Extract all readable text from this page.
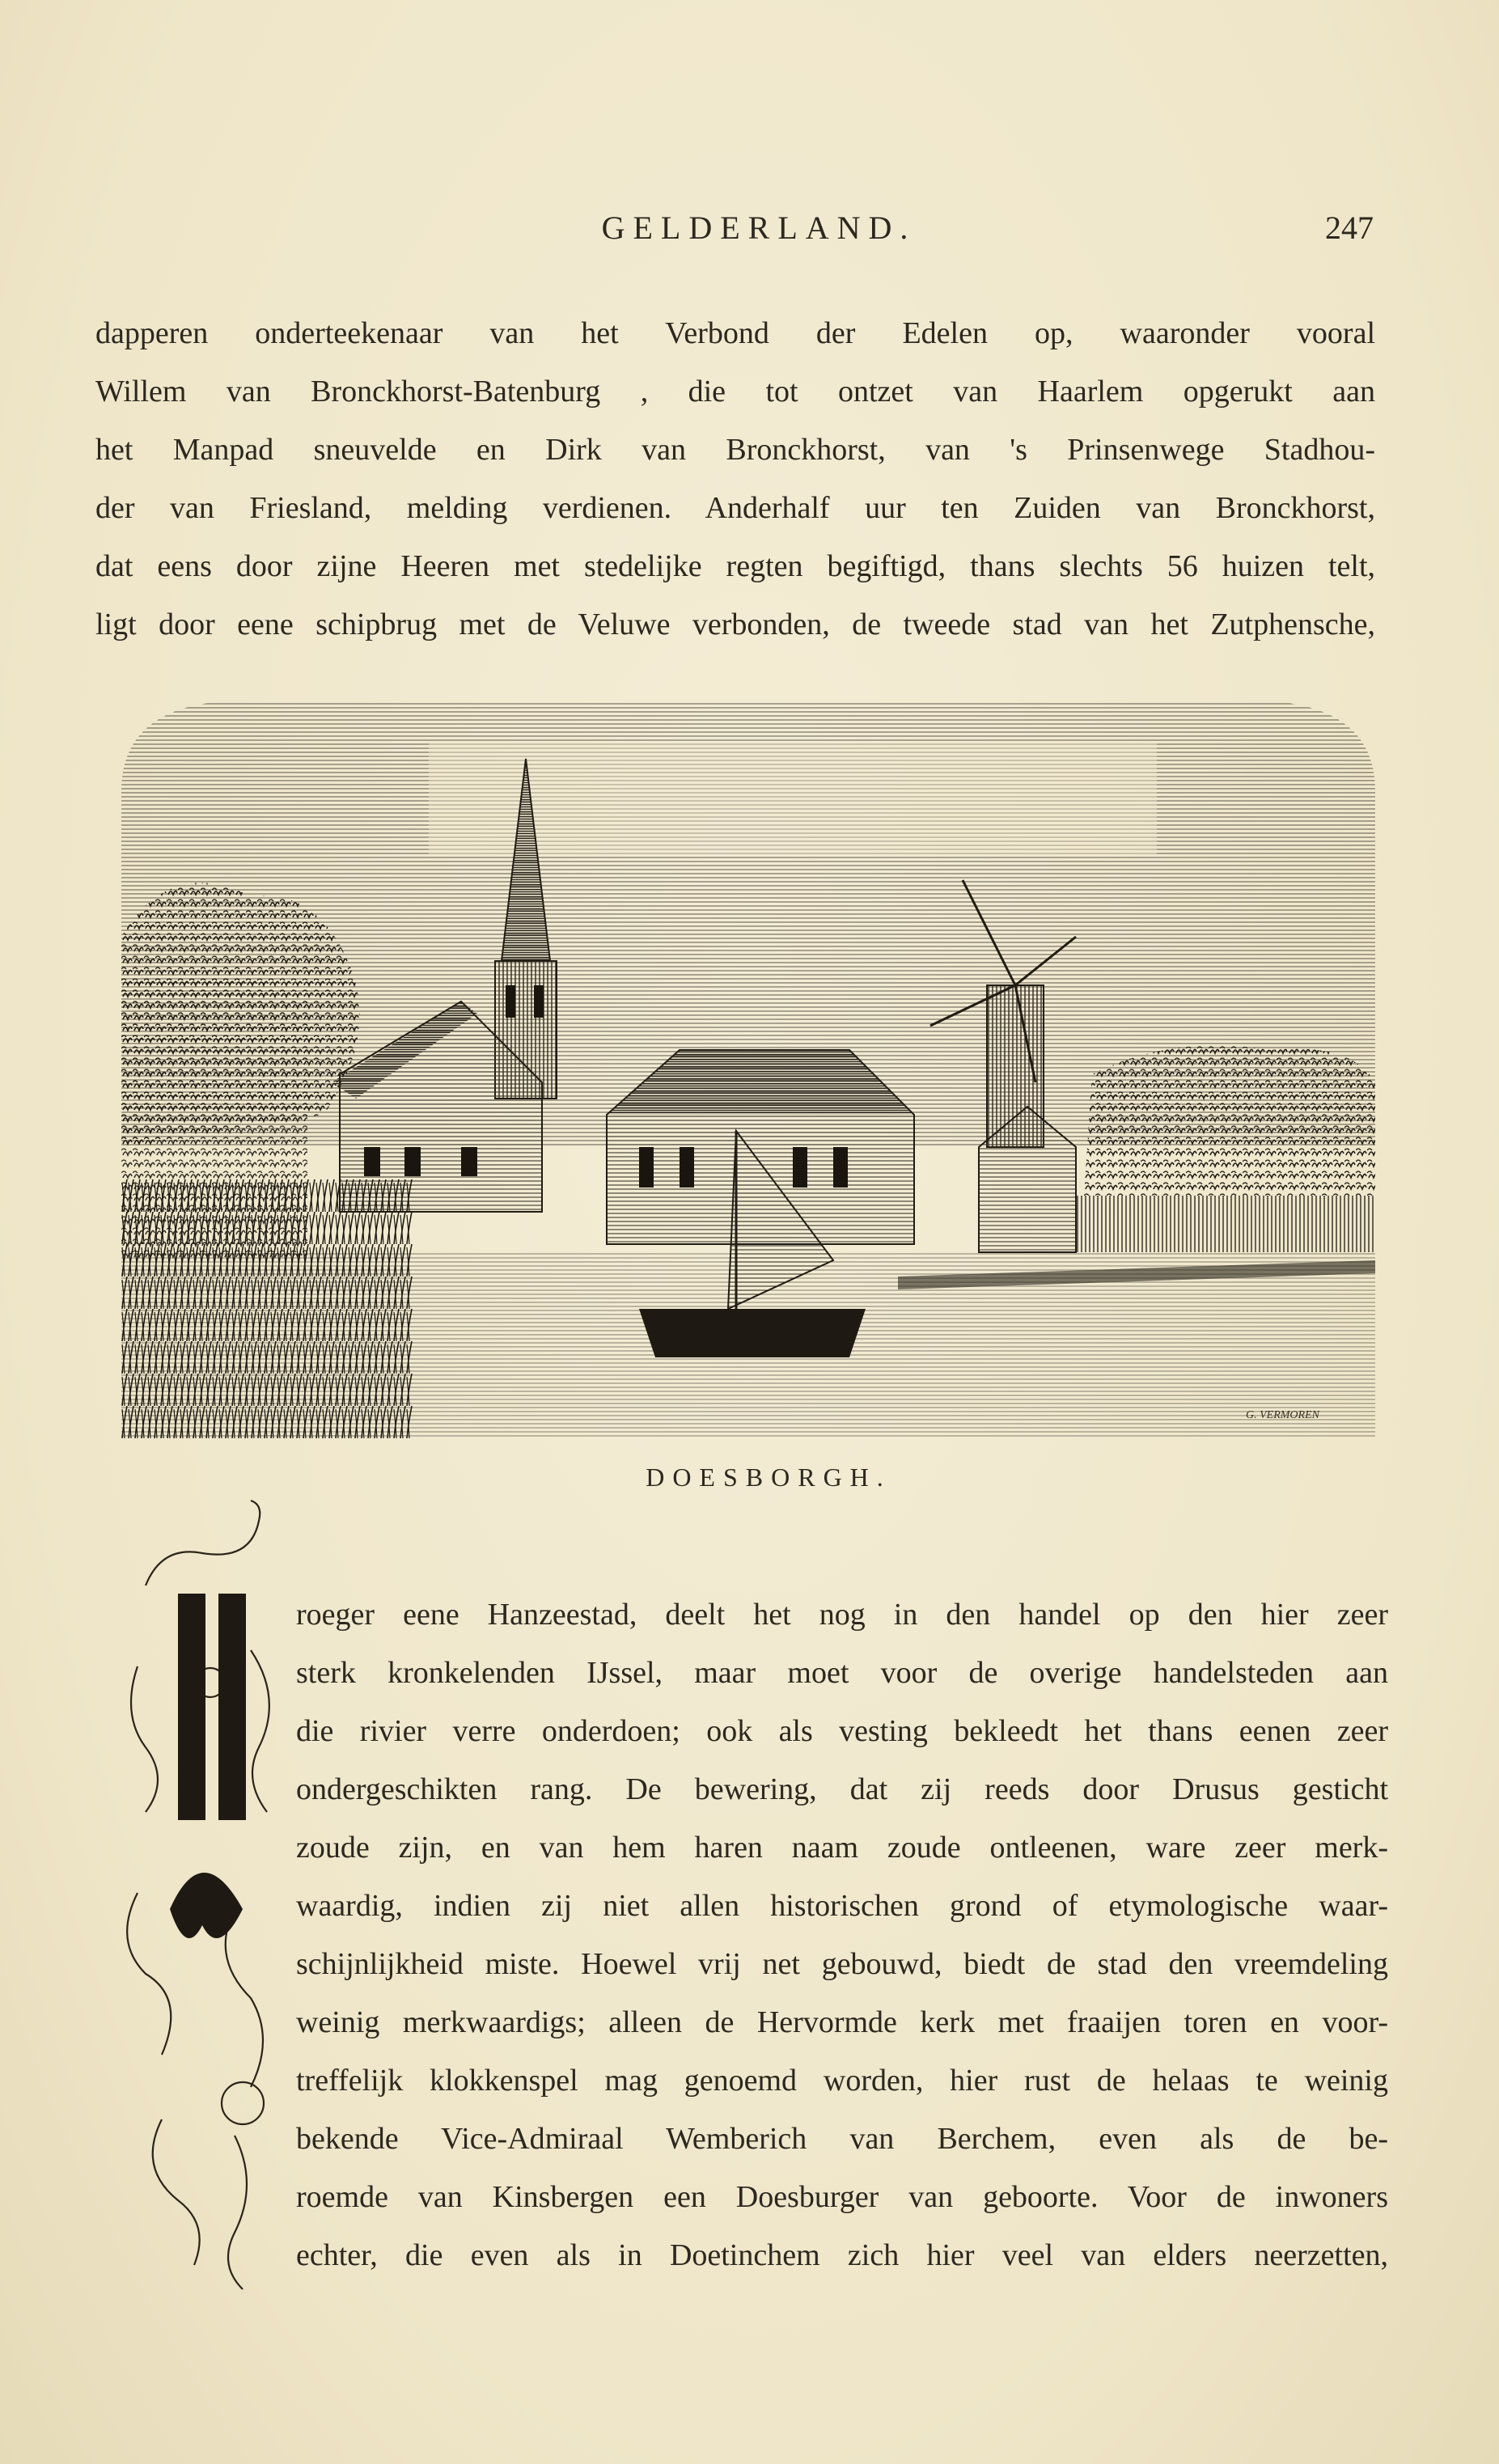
GELDERLAND.	247
dapperen onderteekenaar van het Verbond der Edelen op, waaronder vooral
Willem van Bronckhorst-Batenburg , die tot ontzet van Haarlem opgerukt aan
het Manpad sneuvelde en Dirk van Bronckhorst, van 's Prinsenwege Stadhou-
der van Friesland, melding verdienen. Anderhalf uur ten Zuiden van Bronckhorst,
dat eens door zijne Heeren met stedelijke regten begiftigd, thans slechts 56 huizen telt,
ligt door eene schipbrug met de Veluwe verbonden, de tweede stad van het Zutphensche,
G. VERMOREN
DOESBORGH.
V
roeger eene Hanzeestad, deelt het nog in den handel op den hier zeer
sterk kronkelenden IJssel, maar moet voor de overige handelsteden aan
die rivier verre onderdoen; ook als vesting bekleedt het thans eenen zeer
ondergeschikten rang. De bewering, dat zij reeds door Drusus gesticht
zoude zijn, en van hem haren naam zoude ontleenen, ware zeer merk-
waardig, indien zij niet allen historischen grond of etymologische waar-
schijnlijkheid miste. Hoewel vrij net gebouwd, biedt de stad den vreemdeling
weinig merkwaardigs; alleen de Hervormde kerk met fraaijen toren en voor-
treffelijk klokkenspel mag genoemd worden, hier rust de helaas te weinig
bekende Vice-Admiraal Wemberich van Berchem, even als de be-
roemde van Kinsbergen een Doesburger van geboorte. Voor de inwoners
echter, die even als in Doetinchem zich hier veel van elders neerzetten,
